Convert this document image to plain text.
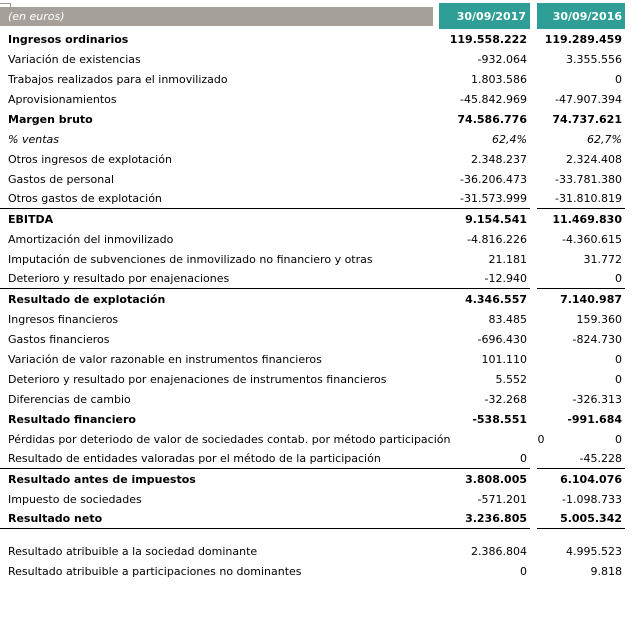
(en euros)	30/09/2017	30/09/2016
Ingresos ordinarios	119.558.222	119.289.459
Variación de existencias	-932.064	3.355.556
Trabajos realizados para el inmovilizado	1.803.586	0
Aprovisionamientos	-45.842.969	-47.907.394
Margen bruto	74.586.776	74.737.621
% ventas	62,4%	62,7%
Otros ingresos de explotación	2.348.237	2.324.408
Gastos de personal	-36.206.473	-33.781.380
Otros gastos de explotación	-31.573.999	-31.810.819
EBITDA	9.154.541	11.469.830
Amortización del inmovilizado	-4.816.226	-4.360.615
Imputación de subvenciones de inmovilizado no financiero y otras	21.181	31.772
Deterioro y resultado por enajenaciones	-12.940	0
Resultado de explotación	4.346.557	7.140.987
Ingresos financieros	83.485	159.360
Gastos financieros	-696.430	-824.730
Variación de valor razonable en instrumentos financieros	101.110	0
Deterioro y resultado por enajenaciones de instrumentos financieros	5.552	0
Diferencias de cambio	-32.268	-326.313
Resultado financiero	-538.551	-991.684
Pérdidas por deteriodo de valor de sociedades contab. por método participación	0	0
Resultado de entidades valoradas por el método de la participación	0	-45.228
Resultado antes de impuestos	3.808.005	6.104.076
Impuesto de sociedades	-571.201	-1.098.733
Resultado neto	3.236.805	5.005.342
Resultado atribuible a la sociedad dominante	2.386.804	4.995.523
Resultado atribuible a participaciones no dominantes	0	9.818
